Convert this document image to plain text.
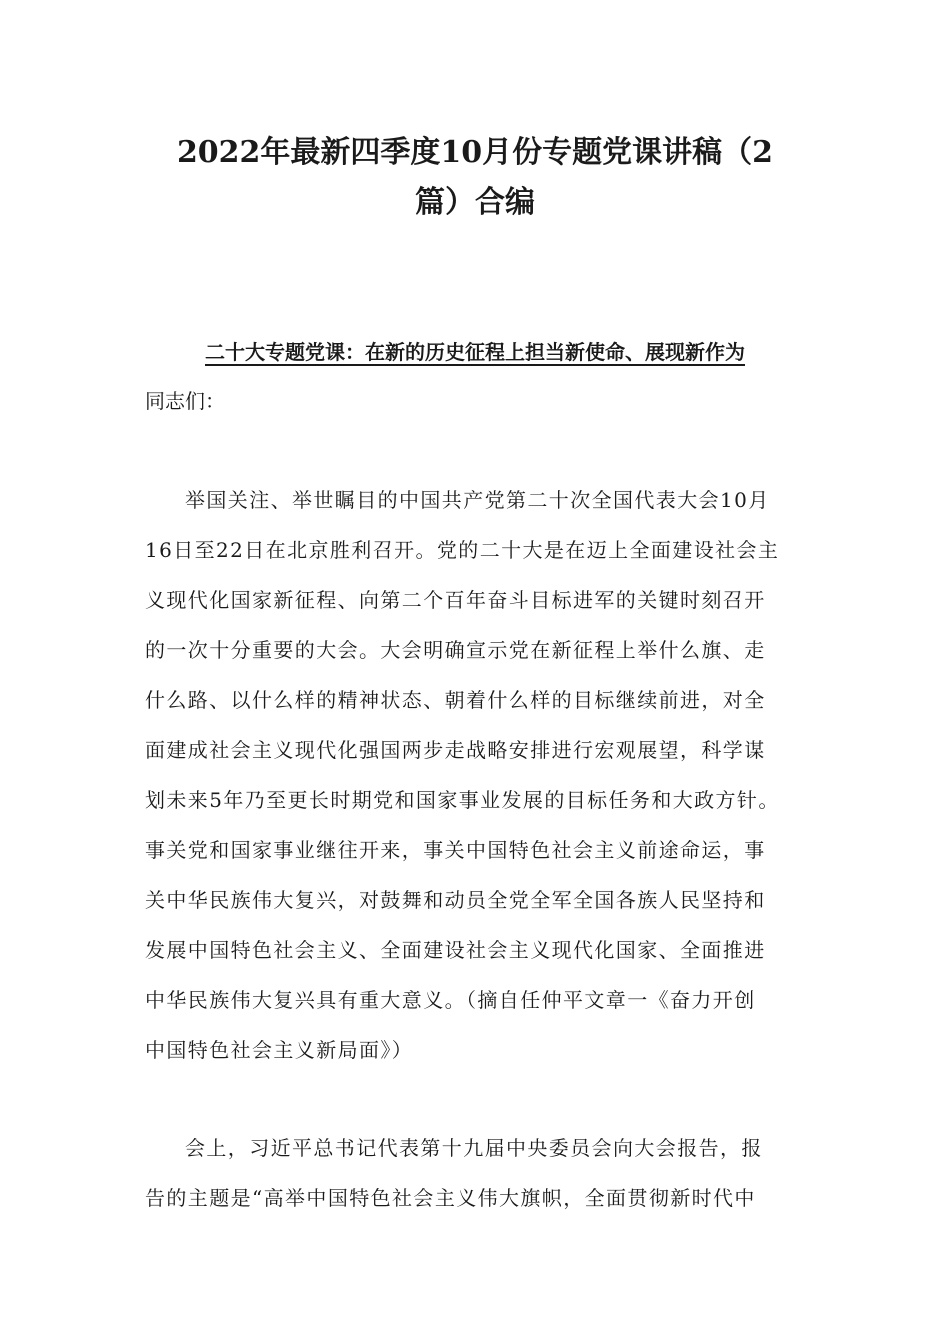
2022年最新四季度10月份专题党课讲稿（2

篇）合编

二十大专题党课：在新的历史征程上担当新使命、展现新作为

同志们：

举国关注、举世瞩目的中国共产党第二十次全国代表大会10月

16日至22日在北京胜利召开。党的二十大是在迈上全面建设社会主

义现代化国家新征程、向第二个百年奋斗目标进军的关键时刻召开

的一次十分重要的大会。大会明确宣示党在新征程上举什么旗、走

什么路、以什么样的精神状态、朝着什么样的目标继续前进，对全

面建成社会主义现代化强国两步走战略安排进行宏观展望，科学谋

划未来5年乃至更长时期党和国家事业发展的目标任务和大政方针。

事关党和国家事业继往开来，事关中国特色社会主义前途命运，事

关中华民族伟大复兴，对鼓舞和动员全党全军全国各族人民坚持和

发展中国特色社会主义、全面建设社会主义现代化国家、全面推进

中华民族伟大复兴具有重大意义。（摘自任仲平文章一《奋力开创

中国特色社会主义新局面》）

会上，习近平总书记代表第十九届中央委员会向大会报告，报

告的主题是“高举中国特色社会主义伟大旗帜，全面贯彻新时代中
